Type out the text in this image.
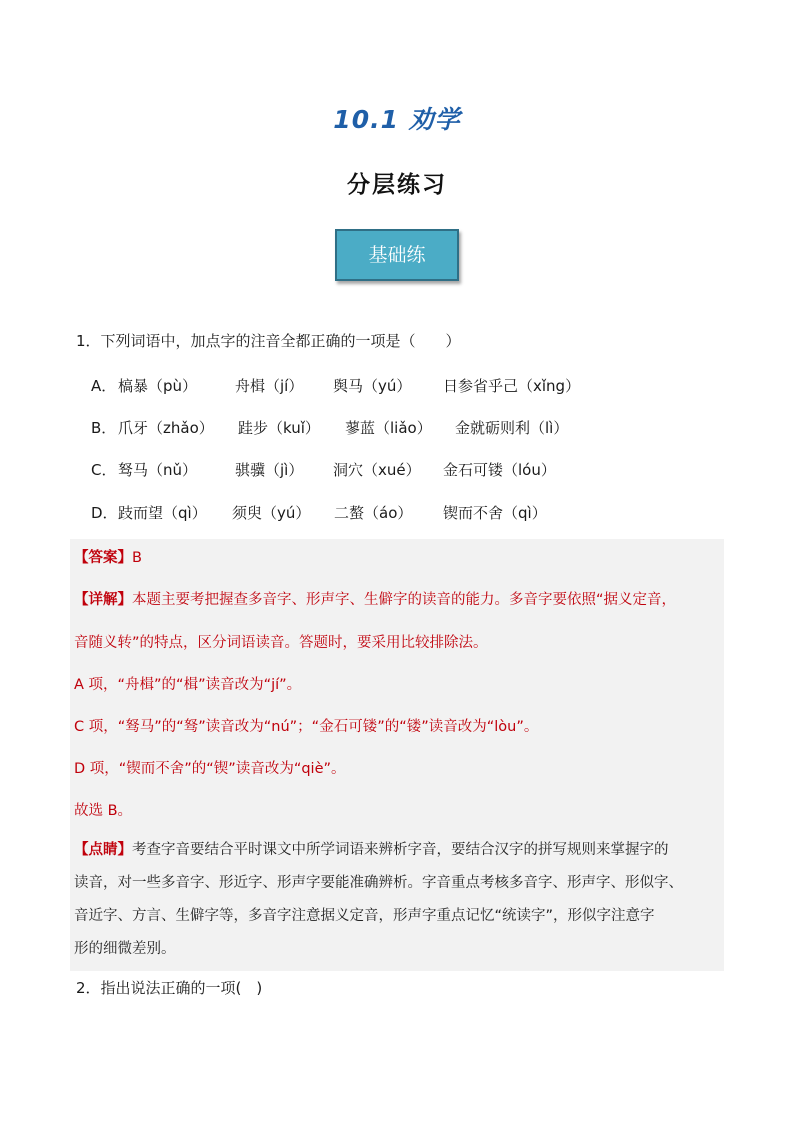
10.1 劝学
分层练习
基础练
1．下列词语中，加点字的注音全都正确的一项是（　　）
A． 槁暴（pù）	舟楫（jí） 舆马（yú） 日参省乎己（xǐng）
B． 爪牙（zhǎo） 跬步（kuǐ） 蓼蓝（liǎo） 金就砺则利（lì）
C． 驽马（nǔ）	骐骥（jì） 洞穴（xué） 金石可镂（lóu）
D． 跂而望（qì） 须臾（yú） 二螯（áo） 锲而不舍（qì）
【答案】B
【详解】本题主要考把握查多音字、形声字、生僻字的读音的能力。多音字要依照“据义定音，
音随义转”的特点，区分词语读音。答题时，要采用比较排除法。
A 项，“舟楫”的“楫”读音改为“jí”。
C 项，“驽马”的“驽”读音改为“nú”；“金石可镂”的“镂”读音改为“lòu”。
D 项，“锲而不舍”的“锲”读音改为“qiè”。
故选 B。
【点睛】考查字音要结合平时课文中所学词语来辨析字音，要结合汉字的拼写规则来掌握字的
读音，对一些多音字、形近字、形声字要能准确辨析。字音重点考核多音字、形声字、形似字、
音近字、方言、生僻字等，多音字注意据义定音，形声字重点记忆“统读字”，形似字注意字
形的细微差别。
2．指出说法正确的一项(　)
